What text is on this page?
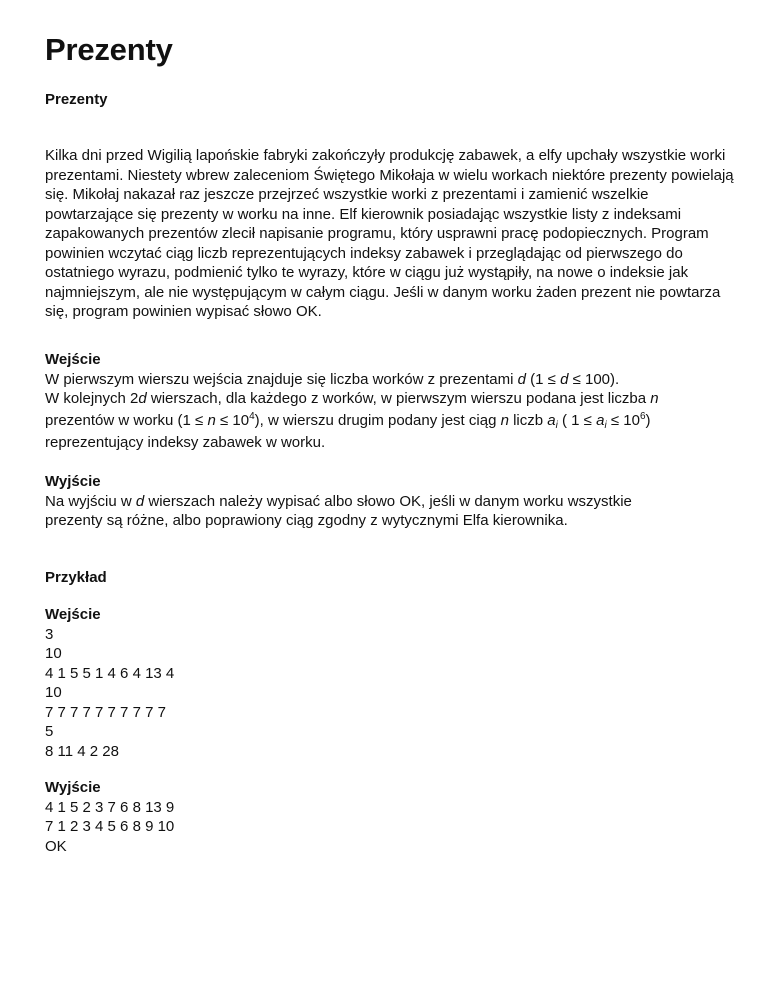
Prezenty
Prezenty

Kilka dni przed Wigilią lapońskie fabryki zakończyły produkcję zabawek, a elfy upchały wszystkie worki prezentami. Niestety wbrew zaleceniom Świętego Mikołaja w wielu workach niektóre prezenty powielają się. Mikołaj nakazał raz jeszcze przejrzeć wszystkie worki z prezentami i zamienić wszelkie powtarzające się prezenty w worku na inne. Elf kierownik posiadając wszystkie listy z indeksami zapakowanych prezentów zlecił napisanie programu, który usprawni pracę podopiecznych. Program powinien wczytać ciąg liczb reprezentujących indeksy zabawek i przeglądając od pierwszego do ostatniego wyrazu, podmienić tylko te wyrazy, które w ciągu już wystąpiły, na nowe o indeksie jak najmniejszym, ale nie występującym w całym ciągu. Jeśli w danym worku żaden prezent nie powtarza się, program powinien wypisać słowo OK.

Wejście
W pierwszym wierszu wejścia znajduje się liczba worków z prezentami d (1 ≤ d ≤ 100).
W kolejnych 2d wierszach, dla każdego z worków, w pierwszym wierszu podana jest liczba n
prezentów w worku $(1 \le n \le 10^4)$, w wierszu drugim podany jest ciąg n liczb $a_i$ ( $1 \le a_i \le 10^6$)
reprezentujący indeksy zabawek w worku.
Wyjście
Na wyjściu w d wierszach należy wypisać albo słowo OK, jeśli w danym worku wszystkie
prezenty są różne, albo poprawiony ciąg zgodny z wytycznymi Elfa kierownika.
Przykład
Wejście
3
10
4 1 5 5 1 4 6 4 13 4
10
7 7 7 7 7 7 7 7 7 7
5
8 11 4 2 28
Wyjście
4 1 5 2 3 7 6 8 13 9
7 1 2 3 4 5 6 8 9 10
OK
